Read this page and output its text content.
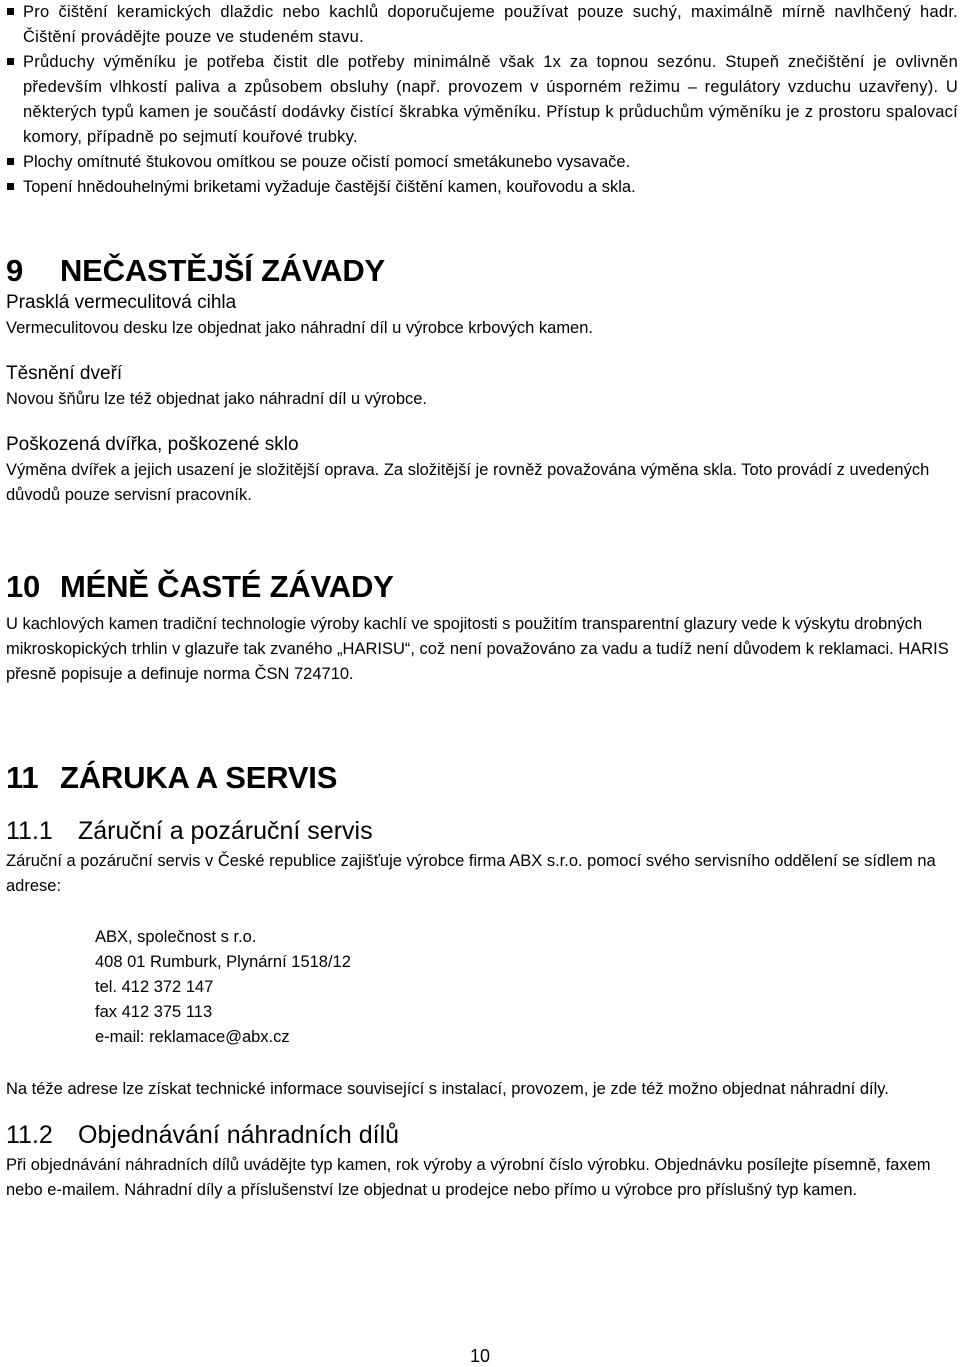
Pro čištění keramických dlaždic nebo kachlů doporučujeme používat pouze suchý, maximálně mírně navlhčený hadr. Čištění provádějte pouze ve studeném stavu.
Průduchy výměníku je potřeba čistit dle potřeby minimálně však 1x za topnou sezónu. Stupeň znečištění je ovlivněn především vlhkostí paliva a způsobem obsluhy (např. provozem v úsporném režimu – regulátory vzduchu uzavřeny). U některých typů kamen je součástí dodávky čistící škrabka výměníku. Přístup k průduchům výměníku je z prostoru spalovací komory, případně po sejmutí kouřové trubky.
Plochy omítnuté štukovou omítkou se pouze očistí pomocí smetákunebo vysavače.
Topení hnědouhelnými briketami vyžaduje častější čištění kamen, kouřovodu a skla.
9 NEČASTĚJŠÍ ZÁVADY
Prasklá vermeculitová cihla

Vermeculitovou desku lze objednat jako náhradní díl u výrobce krbových kamen.

Těsnění dveří

Novou šňůru lze též objednat jako náhradní díl u výrobce.

Poškozená dvířka, poškozené sklo

Výměna dvířek a jejich usazení je složitější oprava. Za složitější je rovněž považována výměna skla. Toto provádí z uvedených důvodů pouze servisní pracovník.

10 MÉNĚ ČASTÉ ZÁVADY

U kachlových kamen tradiční technologie výroby kachlí ve spojitosti s použitím transparentní glazury vede k výskytu drobných mikroskopických trhlin v glazuře tak zvaného „HARISU“, což není považováno za vadu a tudíž není důvodem k reklamaci. HARIS přesně popisuje a definuje norma ČSN 724710.

11 ZÁRUKA A SERVIS
11.1 Záruční a pozáruční servis

Záruční a pozáruční servis v České republice zajišťuje výrobce firma ABX s.r.o. pomocí svého servisního oddělení se sídlem na adrese:

ABX, společnost s r.o.
408 01 Rumburk, Plynární 1518/12
tel. 412 372 147
fax 412 375 113
e-mail: reklamace@abx.cz

Na téže adrese lze získat technické informace související s instalací, provozem, je zde též možno objednat náhradní díly.

11.2 Objednávání náhradních dílů

Při objednávání náhradních dílů uvádějte typ kamen, rok výroby a výrobní číslo výrobku. Objednávku posílejte písemně, faxem nebo e-mailem. Náhradní díly a příslušenství lze objednat u prodejce nebo přímo u výrobce pro příslušný typ kamen.

10
